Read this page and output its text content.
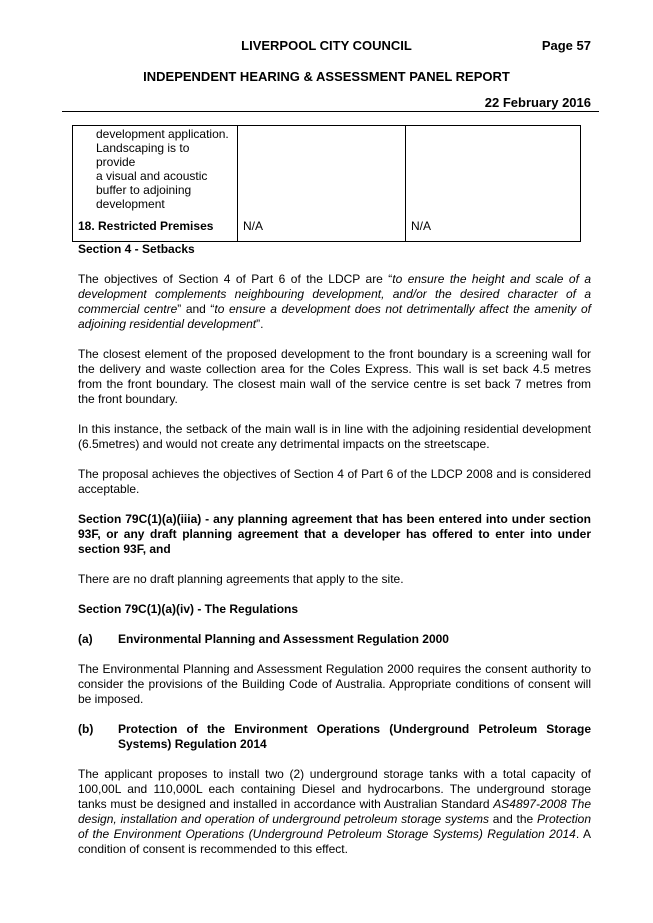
LIVERPOOL CITY COUNCIL	Page 57
INDEPENDENT HEARING & ASSESSMENT PANEL REPORT
22 February 2016
development application.
Landscaping is to provide
a visual and acoustic
buffer to adjoining
development		

18. Restricted Premises	N/A	N/A

Section 4 - Setbacks

The objectives of Section 4 of Part 6 of the LDCP are “to ensure the height and scale of a development complements neighbouring development, and/or the desired character of a commercial centre” and “to ensure a development does not detrimentally affect the amenity of adjoining residential development”.

The closest element of the proposed development to the front boundary is a screening wall for the delivery and waste collection area for the Coles Express. This wall is set back 4.5 metres from the front boundary. The closest main wall of the service centre is set back 7 metres from the front boundary.

In this instance, the setback of the main wall is in line with the adjoining residential development (6.5metres) and would not create any detrimental impacts on the streetscape.

The proposal achieves the objectives of Section 4 of Part 6 of the LDCP 2008 and is considered acceptable.

Section 79C(1)(a)(iiia) - any planning agreement that has been entered into under section 93F, or any draft planning agreement that a developer has offered to enter into under section 93F, and

There are no draft planning agreements that apply to the site.

Section 79C(1)(a)(iv) - The Regulations

(a)	Environmental Planning and Assessment Regulation 2000

The Environmental Planning and Assessment Regulation 2000 requires the consent authority to consider the provisions of the Building Code of Australia. Appropriate conditions of consent will be imposed.

(b)	Protection of the Environment Operations (Underground Petroleum Storage Systems) Regulation 2014

The applicant proposes to install two (2) underground storage tanks with a total capacity of 100,00L and 110,000L each containing Diesel and hydrocarbons. The underground storage tanks must be designed and installed in accordance with Australian Standard AS4897-2008 The design, installation and operation of underground petroleum storage systems and the Protection of the Environment Operations (Underground Petroleum Storage Systems) Regulation 2014. A condition of consent is recommended to this effect.
